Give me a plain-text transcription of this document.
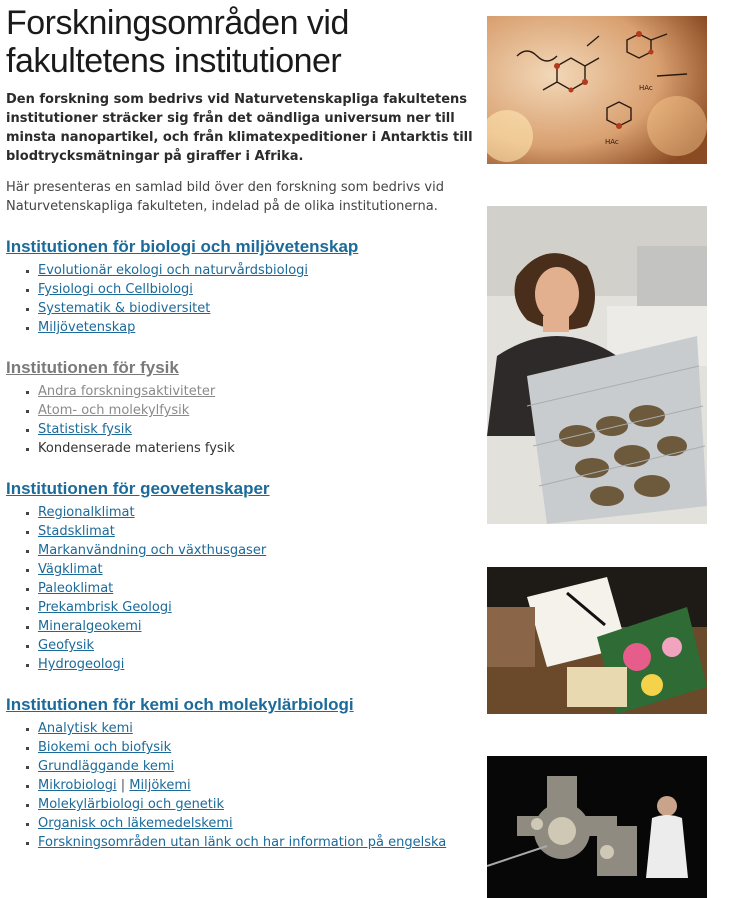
Forskningsområden vid
fakultetens institutioner

Den forskning som bedrivs vid Naturvetenskapliga fakultetens institutioner sträcker sig från det oändliga universum ner till minsta nanopartikel, och från klimatexpeditioner i Antarktis till blodtrycksmätningar på giraffer i Afrika.

Här presenteras en samlad bild över den forskning som bedrivs vid Naturvetenskapliga fakulteten, indelad på de olika institutionerna.

Institutionen för biologi och miljövetenskap
▪ Evolutionär ekologi och naturvårdsbiologi
▪ Fysiologi och Cellbiologi
▪ Systematik & biodiversitet
▪ Miljövetenskap
Institutionen för fysik
▪ Andra forskningsaktiviteter
▪ Atom- och molekylfysik
▪ Statistisk fysik
▪ Kondenserade materiens fysik
Institutionen för geovetenskaper
▪ Regionalklimat
▪ Stadsklimat
▪ Markanvändning och växthusgaser
▪ Vägklimat
▪ Paleoklimat
▪ Prekambrisk Geologi
▪ Mineralgeokemi
▪ Geofysik
▪ Hydrogeologi
Institutionen för kemi och molekylärbiologi
▪ Analytisk kemi
▪ Biokemi och biofysik
▪ Grundläggande kemi
▪ Mikrobiologi | Miljökemi
▪ Molekylärbiologi och genetik
▪ Organisk och läkemedelskemi
▪ Forskningsområden utan länk och har information på engelska
HAc
HAc
